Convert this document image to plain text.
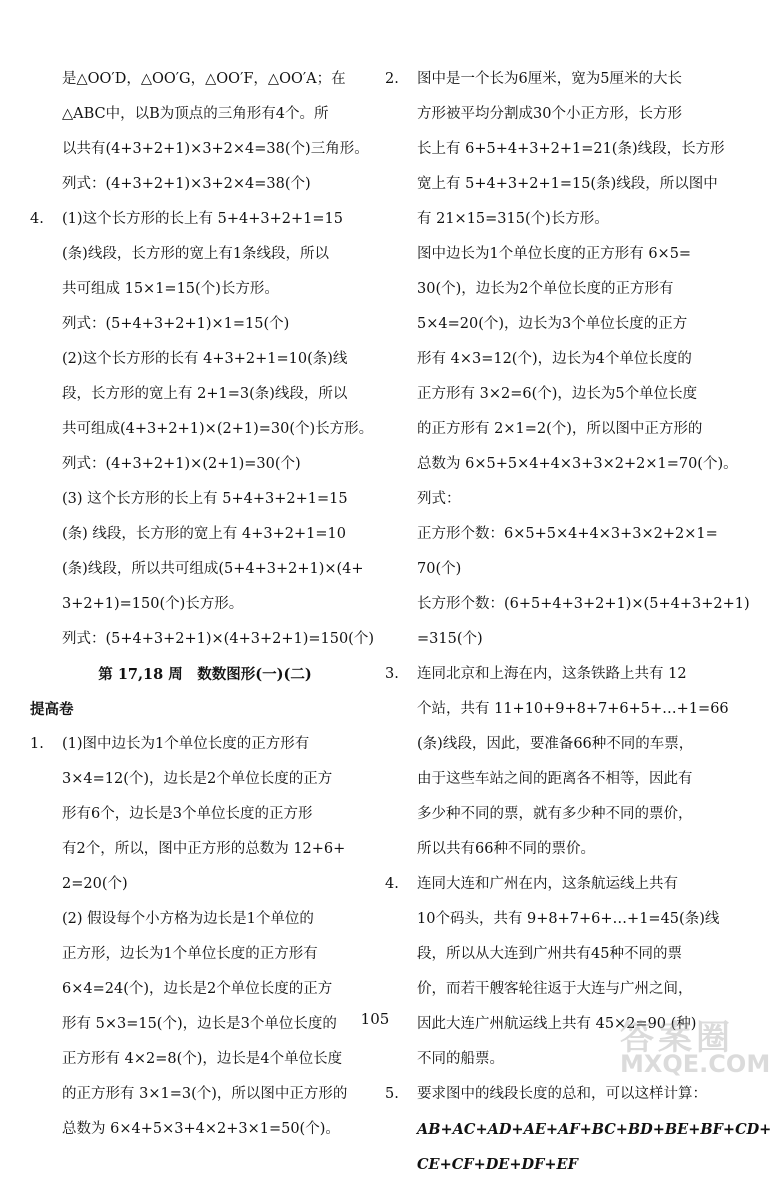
是△OO′D，△OO′G，△OO′F，△OO′A；在
△ABC中，以B为顶点的三角形有4个。所
以共有(4+3+2+1)×3+2×4=38(个)三角形。
列式：(4+3+2+1)×3+2×4=38(个)
4. (1)这个长方形的长上有 5+4+3+2+1=15
(条)线段，长方形的宽上有1条线段，所以
共可组成 15×1=15(个)长方形。
列式：(5+4+3+2+1)×1=15(个)
(2)这个长方形的长有 4+3+2+1=10(条)线
段，长方形的宽上有 2+1=3(条)线段，所以
共可组成(4+3+2+1)×(2+1)=30(个)长方形。
列式：(4+3+2+1)×(2+1)=30(个)
(3) 这个长方形的长上有 5+4+3+2+1=15
(条) 线段，长方形的宽上有 4+3+2+1=10
(条)线段，所以共可组成(5+4+3+2+1)×(4+
3+2+1)=150(个)长方形。
列式：(5+4+3+2+1)×(4+3+2+1)=150(个)
第 17,18 周　数数图形(一)(二)
提高卷
1. (1)图中边长为1个单位长度的正方形有
3×4=12(个)，边长是2个单位长度的正方
形有6个，边长是3个单位长度的正方形
有2个，所以，图中正方形的总数为 12+6+
2=20(个)
(2) 假设每个小方格为边长是1个单位的
正方形，边长为1个单位长度的正方形有
6×4=24(个)，边长是2个单位长度的正方
形有 5×3=15(个)，边长是3个单位长度的
正方形有 4×2=8(个)，边长是4个单位长度
的正方形有 3×1=3(个)，所以图中正方形的
总数为 6×4+5×3+4×2+3×1=50(个)。
2. 图中是一个长为6厘米，宽为5厘米的大长
方形被平均分割成30个小正方形，长方形
长上有 6+5+4+3+2+1=21(条)线段，长方形
宽上有 5+4+3+2+1=15(条)线段，所以图中
有 21×15=315(个)长方形。
图中边长为1个单位长度的正方形有 6×5=
30(个)，边长为2个单位长度的正方形有
5×4=20(个)，边长为3个单位长度的正方
形有 4×3=12(个)，边长为4个单位长度的
正方形有 3×2=6(个)，边长为5个单位长度
的正方形有 2×1=2(个)，所以图中正方形的
总数为 6×5+5×4+4×3+3×2+2×1=70(个)。
列式：
正方形个数：6×5+5×4+4×3+3×2+2×1=
70(个)
长方形个数：(6+5+4+3+2+1)×(5+4+3+2+1)
=315(个)
3. 连同北京和上海在内，这条铁路上共有 12
个站，共有 11+10+9+8+7+6+5+…+1=66
(条)线段，因此，要准备66种不同的车票，
由于这些车站之间的距离各不相等，因此有
多少种不同的票，就有多少种不同的票价，
所以共有66种不同的票价。
4. 连同大连和广州在内，这条航运线上共有
10个码头，共有 9+8+7+6+…+1=45(条)线
段，所以从大连到广州共有45种不同的票
价，而若干艘客轮往返于大连与广州之间，
因此大连广州航运线上共有 45×2=90 (种)
不同的船票。
5. 要求图中的线段长度的总和，可以这样计算：
AB+AC+AD+AE+AF+BC+BD+BE+BF+CD+
CE+CF+DE+DF+EF
105	答案圈
MXQE.COM
